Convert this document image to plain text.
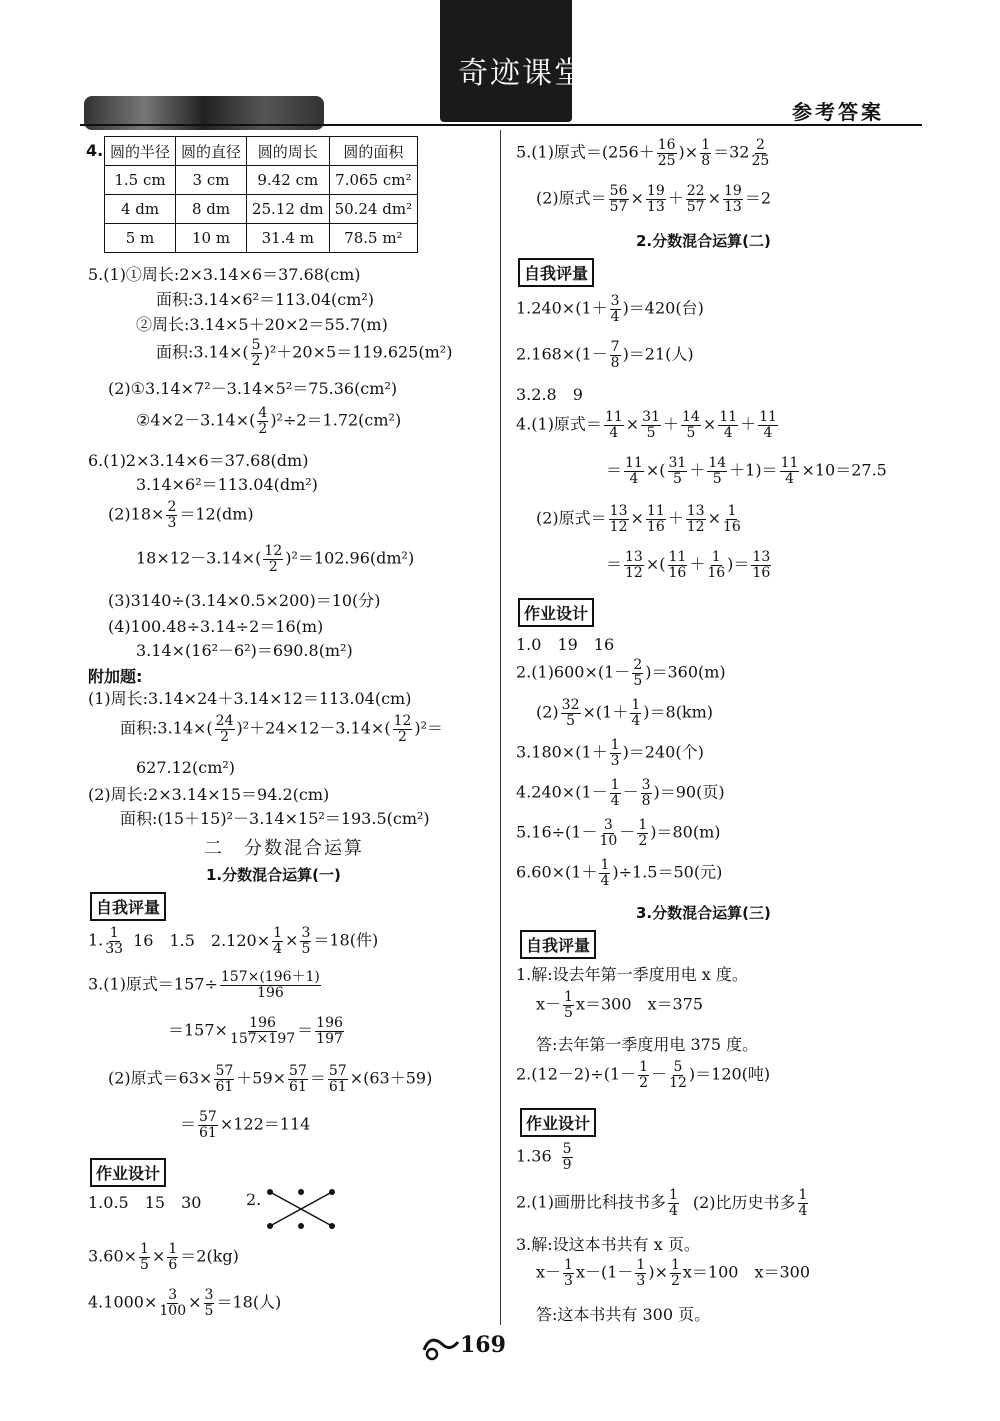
奇迹课堂
参考答案
4. 圆的半径	圆的直径	圆的周长	圆的面积
1.5 cm	3 cm	9.42 cm	7.065 cm²
4 dm	8 dm	25.12 dm	50.24 dm²
5 m	10 m	31.4 m	78.5 m²
5.(1)①周长:2×3.14×6＝37.68(cm)
面积:3.14×6²＝113.04(cm²)
②周长:3.14×5＋20×2＝55.7(m)
面积:3.14×( $\frac{5}{2} )^2+20\times 5=119.625(m^2)$
(2)①3.14×7²－3.14×5²＝75.36(cm²)
②4×2－3.14×( $\frac{4}{2} )^2\div 2=1.72(cm^2)$
6.(1)2×3.14×6＝37.68(dm)
3.14×6²＝113.04(dm²)
$(2)18\times \frac{2}{3} =12(dm)$
$18\times 12-3.14\times( \frac{12}{2} )^2=102.96(dm^2)$
(3)3140÷(3.14×0.5×200)＝10(分)
(4)100.48÷3.14÷2＝16(m)
3.14×(16²－6²)＝690.8(m²)
附加题:
(1)周长:3.14×24＋3.14×12＝113.04(cm)
面积:3.14×( $\frac{24}{2} )^2+24\times 12-3.14\times( \frac{12}{2} )^2=$
627.12(cm²)
(2)周长:2×3.14×15＝94.2(cm)
面积:(15＋15)²－3.14×15²＝193.5(cm²)
二　分数混合运算
1.分数混合运算(一)
自我评量
1. $\frac{1}{33} 16$　1.5　$2.120\times \frac{1}{4} \times \frac{3}{5} =18$(件)
3.(1)原式$=157\div \frac{157\times(196+1)}{196}$
$=157\times \frac{196}{157\times 197} = \frac{196}{197}$
(2)原式$=63\times \frac{57}{61} +59\times \frac{57}{61} = \frac{57}{61} \times(63+59)$
＝ $\frac{57}{61} \times 122=114$
作业设计
1.0.5　15　30	2.
$3.60\times \frac{1}{5} \times \frac{1}{6} =2(kg)$
$4.1000\times \frac{3}{100} \times \frac{3}{5} =18$(人)
5.(1)原式$=(256+ \frac{16}{25}$ )× $\frac{1}{8} =32 \frac{2}{25}$
(2)原式＝ $\frac{56}{57} \times \frac{19}{13} + \frac{22}{57} \times \frac{19}{13} =2$
2.分数混合运算(二)
自我评量
$1.240\times(1+ \frac{3}{4} )=420$(台)
$2.168\times(1- \frac{7}{8} )=21$(人)
3.2.8　9
4.(1)原式＝ $\frac{11}{4} \times \frac{31}{5} + \frac{14}{5} \times \frac{11}{4} + \frac{11}{4}$
＝ $\frac{11}{4}$ ×( $\frac{31}{5} + \frac{14}{5} +1)= \frac{11}{4} \times 10=27.5$
(2)原式＝ $\frac{13}{12} \times \frac{11}{16} + \frac{13}{12} \times \frac{1}{16}$
＝ $\frac{13}{12}$ ×( $\frac{11}{16} + \frac{1}{16}$ )＝ $\frac{13}{16}$
作业设计
1.0　19　16
$2.(1)600\times(1- \frac{2}{5} )=360(m)$
$(2) \frac{32}{5} \times(1+ \frac{1}{4} )=8(km)$
$3.180\times(1+ \frac{1}{3} )=240$(个)
$4.240\times(1- \frac{1}{4} - \frac{3}{8} )=90$(页)
$5.16\div(1- \frac{3}{10} - \frac{1}{2} )=80(m)$
$6.60\times(1+ \frac{1}{4} )\div 1.5=50$(元)
3.分数混合运算(三)
自我评量
1.解:设去年第一季度用电 x 度。
$x- \frac{1}{5} x=300$　x＝375
答:去年第一季度用电 375 度。
$2.(12-2)\div(1- \frac{1}{2} - \frac{5}{12} )=120$(吨)
作业设计
$1.36 \frac{5}{9}$
2.(1)画册比科技书多 $\frac{1}{4} (2)$比历史书多 $\frac{1}{4}$
3.解:设这本书共有 x 页。
$x- \frac{1}{3} x-(1- \frac{1}{3}$ )× $\frac{1}{2} x=100$　x＝300
答:这本书共有 300 页。
169
